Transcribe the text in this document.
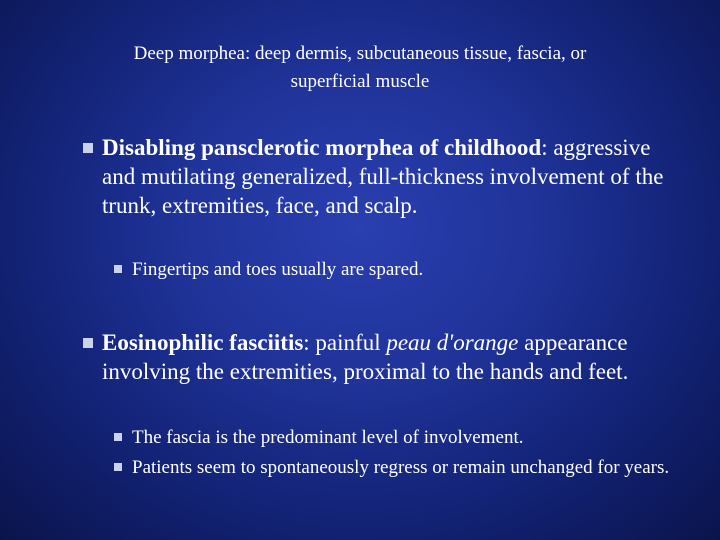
Deep morphea: deep dermis, subcutaneous tissue, fascia, or
superficial muscle
Disabling pansclerotic morphea of childhood: aggressive and mutilating generalized, full-thickness involvement of the trunk, extremities, face, and scalp.
Fingertips and toes usually are spared.
Eosinophilic fasciitis: painful peau d'orange appearance involving the extremities, proximal to the hands and feet.
The fascia is the predominant level of involvement.
Patients seem to spontaneously regress or remain unchanged for years.
